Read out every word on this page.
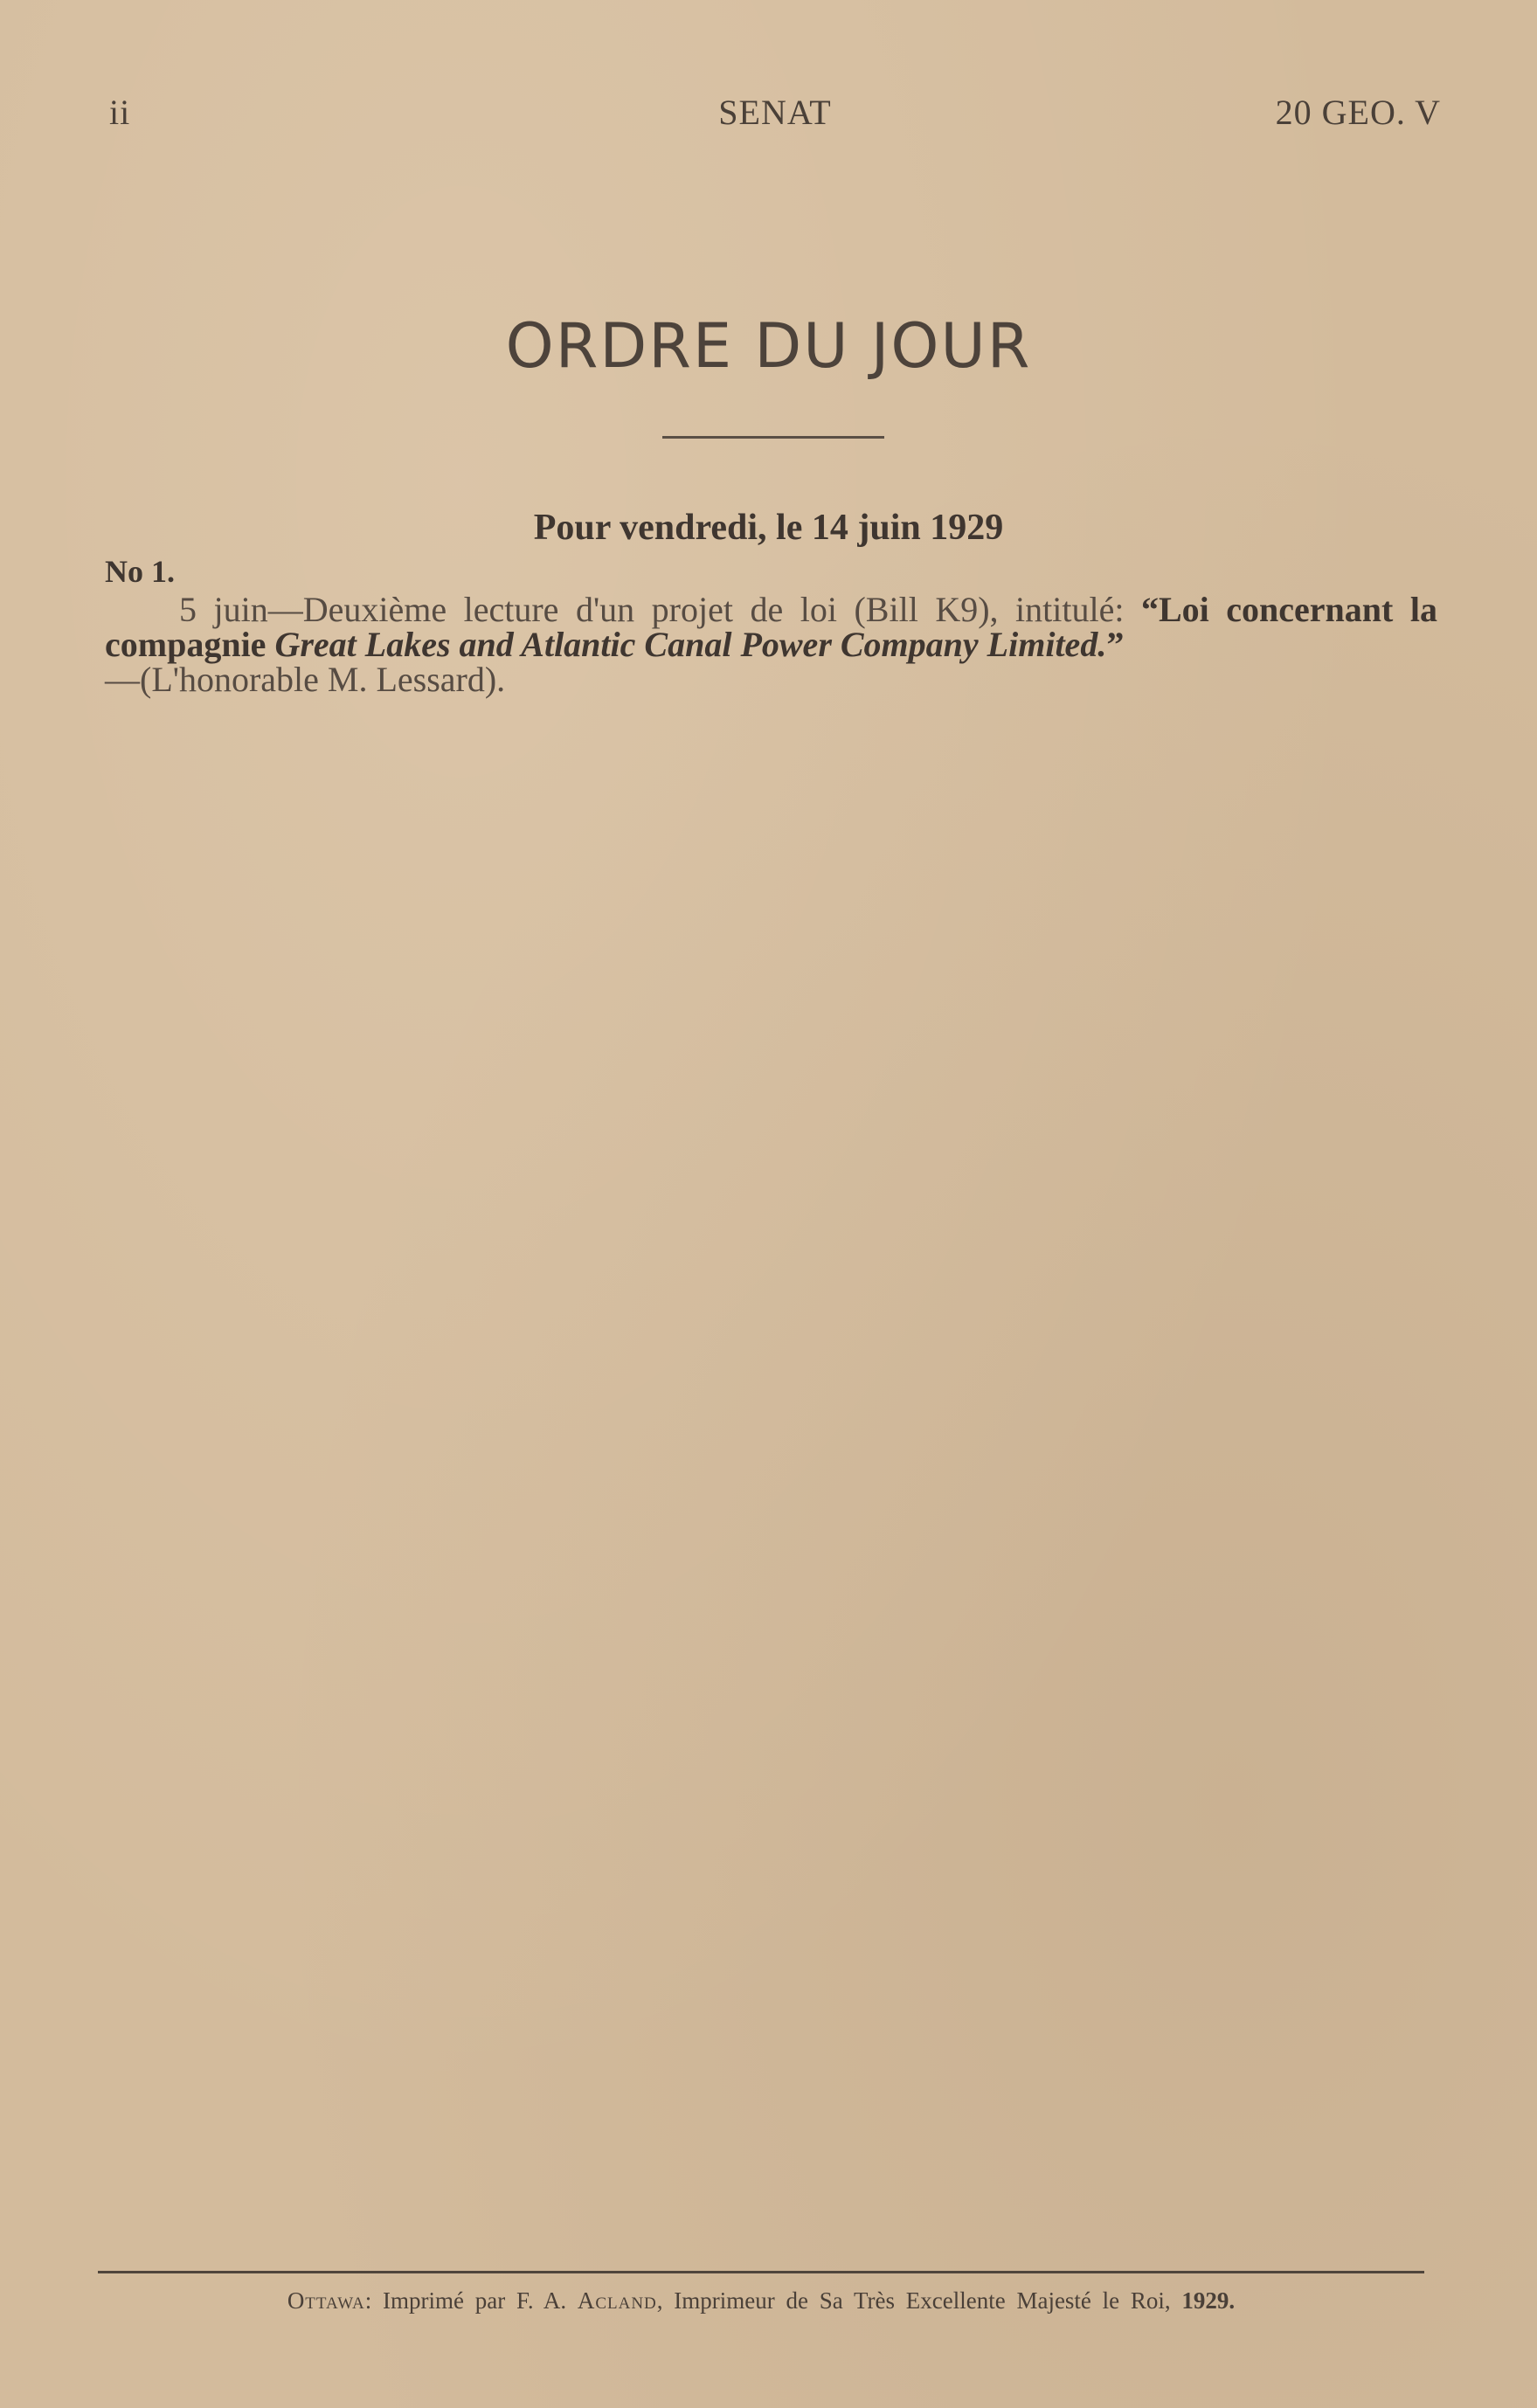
ii	SENAT	20 GEO. V
ORDRE DU JOUR
Pour vendredi, le 14 juin 1929
No 1.
5 juin—Deuxième lecture d'un projet de loi (Bill K9), intitulé: “Loi concernant la compagnie Great Lakes and Atlantic Canal Power Company Limited.”
—(L'honorable M. Lessard).
Ottawa: Imprimé par F. A. Acland, Imprimeur de Sa Très Excellente Majesté le Roi, 1929.
